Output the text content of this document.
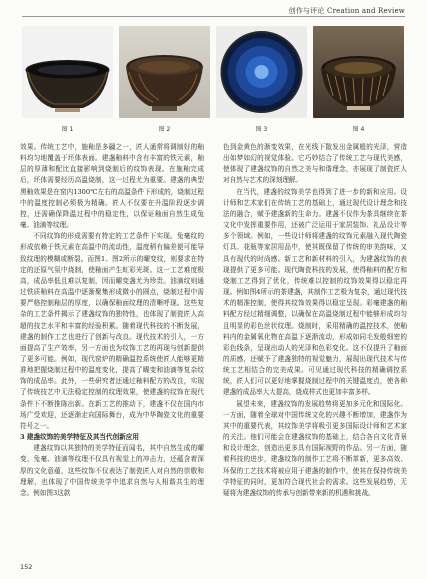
创作与评论 Creation and Review
图 1	图 2	图 3	图 4

效果。传统工艺中，施釉是多疆之一，匠人通常将调制好的釉料均匀地覆盖于坯体表面。建盏釉料中含有丰富的铁元素，釉层的厚薄和配比直接影响到烧制后的纹饰表现。在施釉完成后，坯体需要经历高温烧制，这一过程尤为重要。建盏的典型黑釉效果是在窑内1300℃左右的高温条件下形成的，烧制过程中的温度控制必须极为精确。匠人不仅要在升温阶段逐步调控，还需确保降温过程中的稳定性，以保证釉面自然生成兔毫、油滴等纹理。

不同纹饰的形成需要有特定的工艺条件下实现。兔毫纹的形成依赖于铁元素在高温中的流动性，温度稍有偏差便可能导致纹理的模糊或断裂。而图1、图2所示的曜变纹，则要求在特定的还原气氛中烧制，使釉面产生虹彩光斑。这一工艺难度极高，成品率低且难以复制，因而曜变盏尤为珍贵。油滴纹则通过铁质釉料在高温中逐渐聚集形成微小的圆点，烧制过程中需要严格控制釉层的厚度，以确保釉面纹理的清晰呼现。这些复杂的工艺条件揭示了建盏纹饰的独特性，也体现了制瓷匠人高超的技艺水平和丰富的经验积累。随着现代科技的不断发展，建盏的制作工艺也进行了创新与改良。现代技术的引入，一方面提高了生产效率，另一方面也为纹饰工艺的再现与创新提供了更多可能。例如，现代窑炉的精确温控系统使匠人能够更精准地把握烧制过程中的温度变化，提高了曜变和油滴等复杂纹饰的成品率。此外，一些研究者还通过釉料配方的改良，实现了传统技艺中无法稳定控制的纹理效果，使建盏的纹饰在现代条件下不断推陈出新。在新工艺的推动下，建盏不仅在国内市场广受欢迎，还逐渐走向国际舞台，成为中华陶瓷文化的重要符号之一。

3 建盏纹饰的美学特征及其当代创新应用

建盏纹饰以其独特的美学特征而闻名，其中自然生成的曜变、兔毫、油滴等纹理不仅具有视觉上的冲击力，还蕴含着深厚的文化意蕴，这些纹饰不仅表达了制瓷匠人对自然的崇敬和理解，也体现了中国传统美学中追求自然与人相谐共生的理念。例如图3这款

色到金黄色的渐变效果，在光线下散发出金属般的光泽，营造出如梦如幻的视觉体验。它巧妙结合了传统工艺与现代美感，使体现了建盏纹饰的自然之美与和谐理念，亦展现了制瓷匠人对自然与艺术的深刻理解。

在当代，建盏的纹饰美学也得到了进一步的新和应用。设计师和艺术家们在传统工艺的基础上，通过现代设计理念和技法的融合，赋予建盏新的生命力。建盏不仅作为茶具继续在茶文化中发挥重要作用，还被广泛运用于家居装饰、礼品设计等多个领域。例如，一些设计师将建盏的纹饰元素融入现代陶瓷灯具、花瓶等家居用品中，使其既保留了传统的审美韵味，又具有现代的时尚感。新工艺和新材料的引入，为建盏纹饰的表现提供了更多可能。现代陶瓷科技的发展，使得釉料的配方和烧制工艺得到了优化，传统难以控制的纹饰效果得以稳定再现。例如图4所示的茶建盏，其制作工艺极为复杂，通过现代技术的精准控制，使得其纹饰效果得以稳定呈现。彩毫建盏的釉料配方经过精细调整，以确保在高温烧制过程中能够形成均匀且明显的彩色丝状纹理。烧制时，采用精确的温控技术，使釉料内的金属氧化物在高温下逐渐流动，形成如同毛发般细密的彩色线条，呈现出动人的光泽和色彩变化。这不仅提升了釉面的质感，还赋予了建盏独特的视觉魅力，展现出现代技术与传统工艺相结合的完美成果。可见通过现代科技的精确调控系统，匠人们可以更好地掌握烧制过程中的关键温度点，使各种建盏的成品率大大提高，烧成样式也更加丰富多样。

展望未来，建盏纹饰的发展趋势将更加多元化和国际化。一方面，随着全球对中国传统文化的兴趣不断增加，建盏作为其中的重要代表，其纹饰美学将吸引更多国际设计师和艺术家的关注。他们可能会在建盏纹饰的基础上，结合各自文化背景和设计理念，创造出更多具有国际视野的作品。另一方面，随着科技的进步，建盏纹饰的制作工艺将不断革新，更多高效、环保的工艺技术将被应用于建盏的制作中，使其在保持传统美学特征的同时，更加符合现代社会的需求。这些发展趋势，无疑将为建盏纹饰的传承与创新带来新的机遇和挑战。

152
